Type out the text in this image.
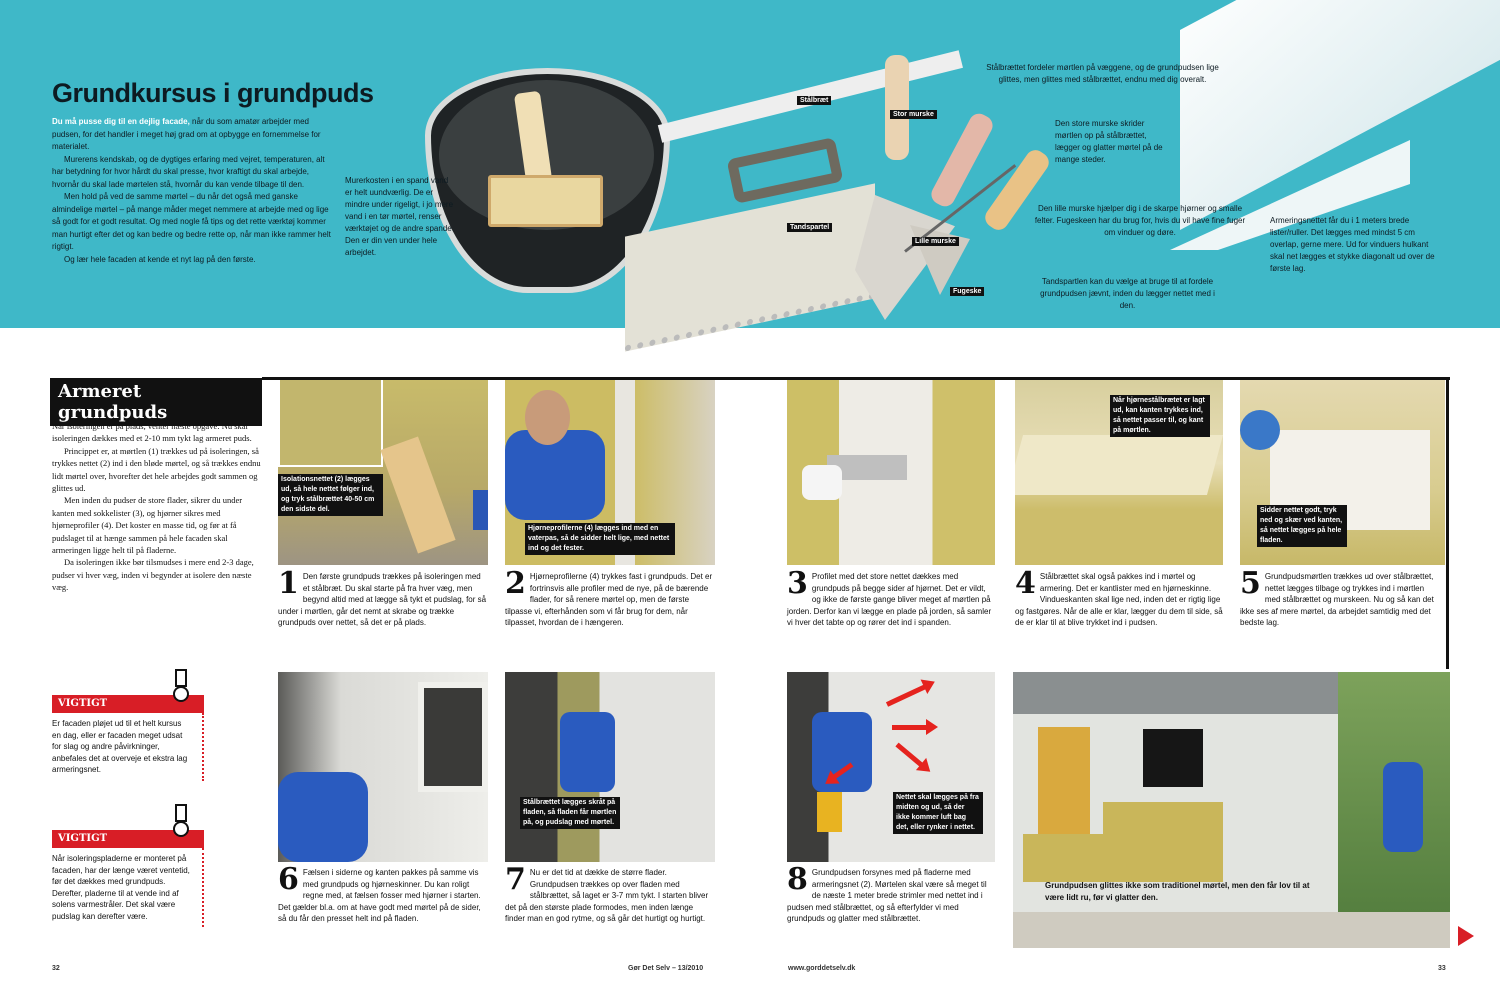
Grundkursus i grundpuds

Du må pusse dig til en dejlig facade, når du som amatør arbejder med pudsen, for det handler i meget høj grad om at opbygge en fornemmelse for materialet.

Murerens kendskab, og de dygtiges erfaring med vejret, temperaturen, alt har betydning for hvor hårdt du skal presse, hvor kraftigt du skal arbejde, hvornår du skal lade mørtelen stå, hvornår du kan vende tilbage til den.

Men hold på ved de samme mørtel – du når det også med ganske almindelige mørtel – på mange måder meget nemmere at arbejde med og lige så godt for et godt resultat. Og med nogle få tips og det rette værktøj kommer man hurtigt efter det og kan bedre og bedre rette op, når man ikke rammer helt rigtigt.

Og lær hele facaden at kende et nyt lag på den første.

Murerkosten i en spand vand er helt uundværlig. De er mindre under rigeligt, i jo mere vand i en tør mørtel, renser værktøjet og de andre spande. Den er din ven under hele arbejdet.
Stålbræt
Stor murske
Tandspartel
Lille murske
Fugeske
Stålbrættet fordeler mørtlen på væggene, og de grundpudsen lige glittes, men glittes med stålbrættet, endnu med dig overalt.
Den store murske skrider mørtlen op på stålbrættet, lægger og glatter mørtel på de mange steder.
Den lille murske hjælper dig i de skarpe hjørner og smalle felter. Fugeskeen har du brug for, hvis du vil have fine fuger om vinduer og døre.
Tandspartlen kan du vælge at bruge til at fordele grundpudsen jævnt, inden du lægger nettet med i den.
Armeringsnettet får du i 1 meters brede lister/ruller. Det lægges med mindst 5 cm overlap, gerne mere. Ud for vinduers hulkant skal net lægges et stykke diagonalt ud over de første lag.
Armeret grundpuds

Når isoleringen er på plads, venter næste opgave: Nu skal isoleringen dækkes med et 2-10 mm tykt lag armeret puds.

Princippet er, at mørtlen (1) trækkes ud på isoleringen, så trykkes nettet (2) ind i den bløde mørtel, og så trækkes endnu lidt mørtel over, hvorefter det hele arbejdes godt sammen og glittes ud.

Men inden du pudser de store flader, sikrer du under kanten med sokkelister (3), og hjørner sikres med hjørneprofiler (4). Det koster en masse tid, og før at få pudslaget til at hænge sammen på hele facaden skal armeringen ligge helt til på fladerne.

Da isoleringen ikke bør tilsmudses i mere end 2-3 dage, pudser vi hver væg, inden vi begynder at isolere den næste væg.

VIGTIGT
Er facaden pløjet ud til et helt kursus en dag, eller er facaden meget udsat for slag og andre påvirkninger, anbefales det at overveje et ekstra lag armeringsnet.
VIGTIGT
Når isoleringspladerne er monteret på facaden, har der længe været ventetid, før det dækkes med grundpuds. Derefter, pladerne til at vende ind af solens varmestråler. Det skal være pudslag kan derefter være.
Isolationsnettet (2) lægges ud, så hele nettet følger ind, og tryk stålbrættet 40-50 cm den sidste del.
Hjørneprofilerne (4) lægges ind med en vaterpas, så de sidder helt lige, med nettet ind og det fester.
Når hjørnestålbrætet er lagt ud, kan kanten trykkes ind, så nettet passer til, og kant på mørtlen.
Sidder nettet godt, tryk ned og skær ved kanten, så nettet lægges på hele fladen.
1 Den første grundpuds trækkes på isoleringen med et stålbræt. Du skal starte på fra hver væg, men begynd altid med at lægge så tykt et pudslag, for så under i mørtlen, går det nemt at skrabe og trække grundpuds over nettet, så det er på plads.
2 Hjørneprofilerne (4) trykkes fast i grundpuds. Det er fortrinsvis alle profiler med de nye, på de bærende flader, for så renere mørtel op, men de første tilpasse vi, efterhånden som vi får brug for dem, når tilpasset, hvordan de i hængeren.
3 Profilet med det store nettet dækkes med grundpuds på begge sider af hjørnet. Det er vildt, og ikke de første gange bliver meget af mørtlen på jorden. Derfor kan vi lægge en plade på jorden, så samler vi hver det tabte op og rører det ind i spanden.
4 Stålbrættet skal også pakkes ind i mørtel og armering. Det er kantlister med en hjørneskinne. Vindueskanten skal lige ned, inden det er rigtig lige og fastgøres. Når de alle er klar, lægger du dem til side, så de er klar til at blive trykket ind i pudsen.
5 Grundpudsmørtlen trækkes ud over stålbrættet, nettet lægges tilbage og trykkes ind i mørtlen med stålbrættet og murskeen. Nu og så kan det ikke ses af mere mørtel, da arbejdet samtidig med det bedste lag.
Stålbrættet lægges skråt på fladen, så fladen får mørtlen på, og pudslag med mørtel.
Nettet skal lægges på fra midten og ud, så der ikke kommer luft bag det, eller rynker i nettet.
6 Fælsen i siderne og kanten pakkes på samme vis med grundpuds og hjørneskinner. Du kan roligt regne med, at fælsen fosser med hjørner i starten. Det gælder bl.a. om at have godt med mørtel på de sider, så du får den presset helt ind på fladen.
7 Nu er det tid at dække de større flader. Grundpudsen trækkes op over fladen med stålbrættet, så laget er 3-7 mm tykt. I starten bliver det på den største plade formodes, men inden længe finder man en god rytme, og så går det hurtigt og hurtigt.
8 Grundpudsen forsynes med på fladerne med armeringsnet (2). Mørtelen skal være så meget til de næste 1 meter brede strimler med nettet ind i pudsen med stålbrættet, og så efterfylder vi med grundpuds og glatter med stålbrættet.
Grundpudsen glittes ikke som traditionel mørtel, men den får lov til at være lidt ru, før vi glatter den.
32	Gør Det Selv – 13/2010	www.gorddetselv.dk	33
